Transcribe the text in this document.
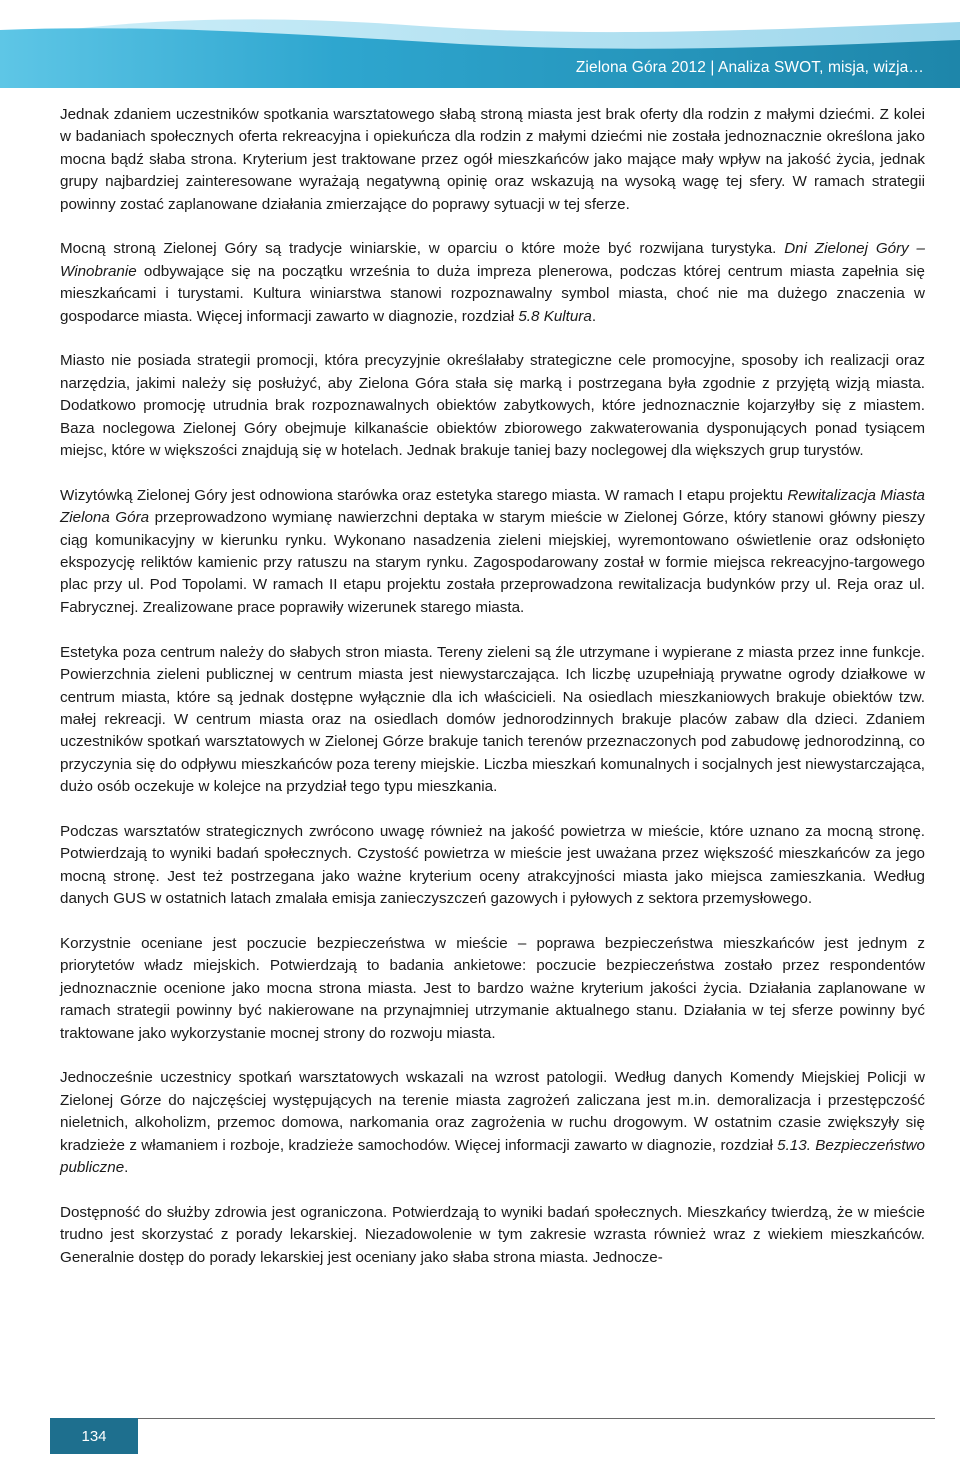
Zielona Góra 2012 | Analiza SWOT, misja, wizja…

Jednak zdaniem uczestników spotkania warsztatowego słabą stroną miasta jest brak oferty dla rodzin z małymi dziećmi. Z kolei w badaniach społecznych oferta rekreacyjna i opiekuńcza dla rodzin z małymi dziećmi nie została jednoznacznie określona jako mocna bądź słaba strona. Kryterium jest traktowane przez ogół mieszkańców jako mające mały wpływ na jakość życia, jednak grupy najbardziej zainteresowane wyrażają negatywną opinię oraz wskazują na wysoką wagę tej sfery. W ramach strategii powinny zostać zaplanowane działania zmierzające do poprawy sytuacji w tej sferze.

Mocną stroną Zielonej Góry są tradycje winiarskie, w oparciu o które może być rozwijana turystyka. Dni Zielonej Góry – Winobranie odbywające się na początku września to duża impreza plenerowa, podczas której centrum miasta zapełnia się mieszkańcami i turystami. Kultura winiarstwa stanowi rozpoznawalny symbol miasta, choć nie ma dużego znaczenia w gospodarce miasta. Więcej informacji zawarto w diagnozie, rozdział 5.8 Kultura.

Miasto nie posiada strategii promocji, która precyzyjnie określałaby strategiczne cele promocyjne, sposoby ich realizacji oraz narzędzia, jakimi należy się posłużyć, aby Zielona Góra stała się marką i postrzegana była zgodnie z przyjętą wizją miasta. Dodatkowo promocję utrudnia brak rozpoznawalnych obiektów zabytkowych, które jednoznacznie kojarzyłby się z miastem. Baza noclegowa Zielonej Góry obejmuje kilkanaście obiektów zbiorowego zakwaterowania dysponujących ponad tysiącem miejsc, które w większości znajdują się w hotelach. Jednak brakuje taniej bazy noclegowej dla większych grup turystów.

Wizytówką Zielonej Góry jest odnowiona starówka oraz estetyka starego miasta. W ramach I etapu projektu Rewitalizacja Miasta Zielona Góra przeprowadzono wymianę nawierzchni deptaka w starym mieście w Zielonej Górze, który stanowi główny pieszy ciąg komunikacyjny w kierunku rynku. Wykonano nasadzenia zieleni miejskiej, wyremontowano oświetlenie oraz odsłonięto ekspozycję reliktów kamienic przy ratuszu na starym rynku. Zagospodarowany został w formie miejsca rekreacyjno-targowego plac przy ul. Pod Topolami. W ramach II etapu projektu została przeprowadzona rewitalizacja budynków przy ul. Reja oraz ul. Fabrycznej. Zrealizowane prace poprawiły wizerunek starego miasta.

Estetyka poza centrum należy do słabych stron miasta. Tereny zieleni są źle utrzymane i wypierane z miasta przez inne funkcje. Powierzchnia zieleni publicznej w centrum miasta jest niewystarczająca. Ich liczbę uzupełniają prywatne ogrody działkowe w centrum miasta, które są jednak dostępne wyłącznie dla ich właścicieli. Na osiedlach mieszkaniowych brakuje obiektów tzw. małej rekreacji. W centrum miasta oraz na osiedlach domów jednorodzinnych brakuje placów zabaw dla dzieci. Zdaniem uczestników spotkań warsztatowych w Zielonej Górze brakuje tanich terenów przeznaczonych pod zabudowę jednorodzinną, co przyczynia się do odpływu mieszkańców poza tereny miejskie. Liczba mieszkań komunalnych i socjalnych jest niewystarczająca, dużo osób oczekuje w kolejce na przydział tego typu mieszkania.

Podczas warsztatów strategicznych zwrócono uwagę również na jakość powietrza w mieście, które uznano za mocną stronę. Potwierdzają to wyniki badań społecznych. Czystość powietrza w mieście jest uważana przez większość mieszkańców za jego mocną stronę. Jest też postrzegana jako ważne kryterium oceny atrakcyjności miasta jako miejsca zamieszkania. Według danych GUS w ostatnich latach zmalała emisja zanieczyszczeń gazowych i pyłowych z sektora przemysłowego.

Korzystnie oceniane jest poczucie bezpieczeństwa w mieście – poprawa bezpieczeństwa mieszkańców jest jednym z priorytetów władz miejskich. Potwierdzają to badania ankietowe: poczucie bezpieczeństwa zostało przez respondentów jednoznacznie ocenione jako mocna strona miasta. Jest to bardzo ważne kryterium jakości życia. Działania zaplanowane w ramach strategii powinny być nakierowane na przynajmniej utrzymanie aktualnego stanu. Działania w tej sferze powinny być traktowane jako wykorzystanie mocnej strony do rozwoju miasta.

Jednocześnie uczestnicy spotkań warsztatowych wskazali na wzrost patologii. Według danych Komendy Miejskiej Policji w Zielonej Górze do najczęściej występujących na terenie miasta zagrożeń zaliczana jest m.in. demoralizacja i przestępczość nieletnich, alkoholizm, przemoc domowa, narkomania oraz zagrożenia w ruchu drogowym. W ostatnim czasie zwiększyły się kradzieże z włamaniem i rozboje, kradzieże samochodów. Więcej informacji zawarto w diagnozie, rozdział 5.13. Bezpieczeństwo publiczne.

Dostępność do służby zdrowia jest ograniczona. Potwierdzają to wyniki badań społecznych. Mieszkańcy twierdzą, że w mieście trudno jest skorzystać z porady lekarskiej. Niezadowolenie w tym zakresie wzrasta również wraz z wiekiem mieszkańców. Generalnie dostęp do porady lekarskiej jest oceniany jako słaba strona miasta. Jednocze-

134
